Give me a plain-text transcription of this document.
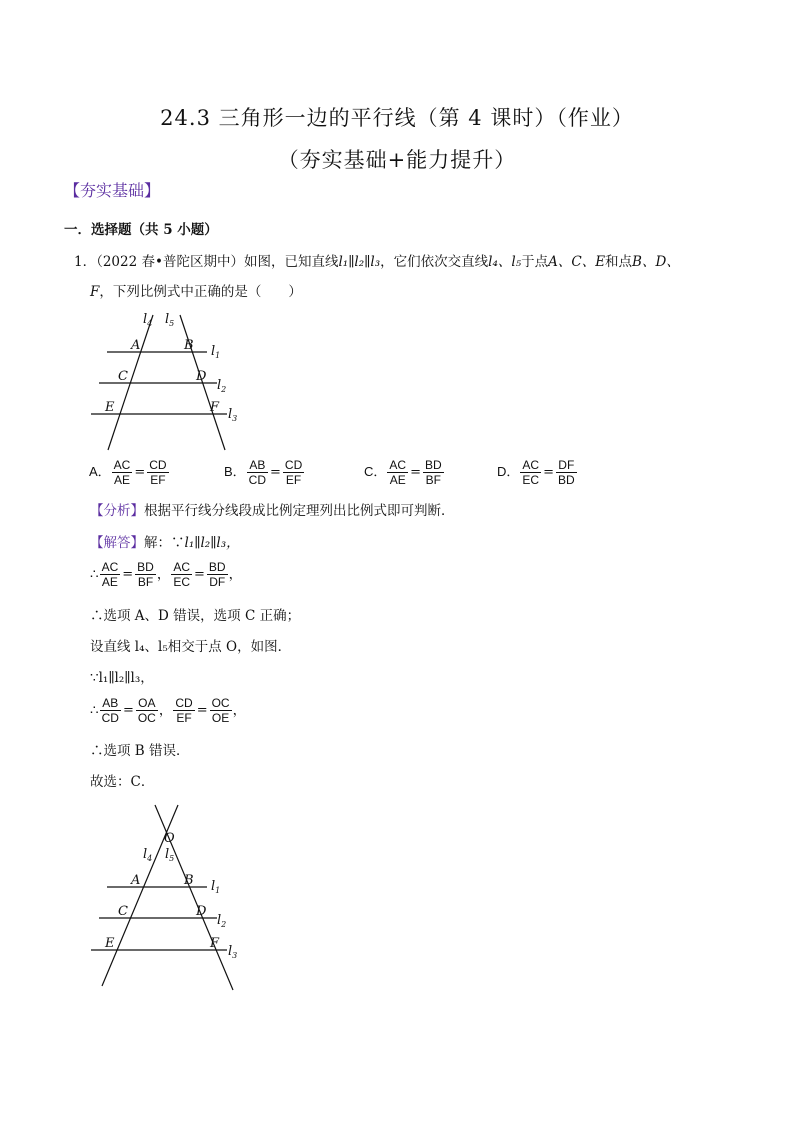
24.3 三角形一边的平行线（第 4 课时）（作业）
（夯实基础+能力提升）
【夯实基础】
一．选择题（共 5 小题）
1．（2022 春•普陀区期中）如图，已知直线l₁∥l₂∥l₃，它们依次交直线l₄、l₅于点A、C、E和点B、D、
F，下列比例式中正确的是（　　）
$l_4$ $l_5$
A	B $l_1$
C	D
$l_2$
E	F $l_3$
A． $\frac{AC}{AE} = \frac{CD}{EF}$	B． $\frac{AB}{CD} = \frac{CD}{EF}$	C． $\frac{AC}{AE} = \frac{BD}{BF}$	D． $\frac{AC}{EC} = \frac{DF}{BD}$
【分析】根据平行线分线段成比例定理列出比例式即可判断．
【解答】解：∵l₁∥l₂∥l₃，
∴ $\frac{AC}{AE} = \frac{BD}{BF}$ ， $\frac{AC}{EC} = \frac{BD}{DF}$ ，
∴选项 A、D 错误，选项 C 正确；
设直线 l₄、l₅相交于点 O，如图．
∵l₁∥l₂∥l₃，
∴ $\frac{AB}{CD} = \frac{OA}{OC}$ ， $\frac{CD}{EF} = \frac{OC}{OE}$ ，
∴选项 B 错误．
故选：C．
O
$l_4$ $l_5$
A	B $l_1$
C	D
$l_2$
E	F
$l_3$
